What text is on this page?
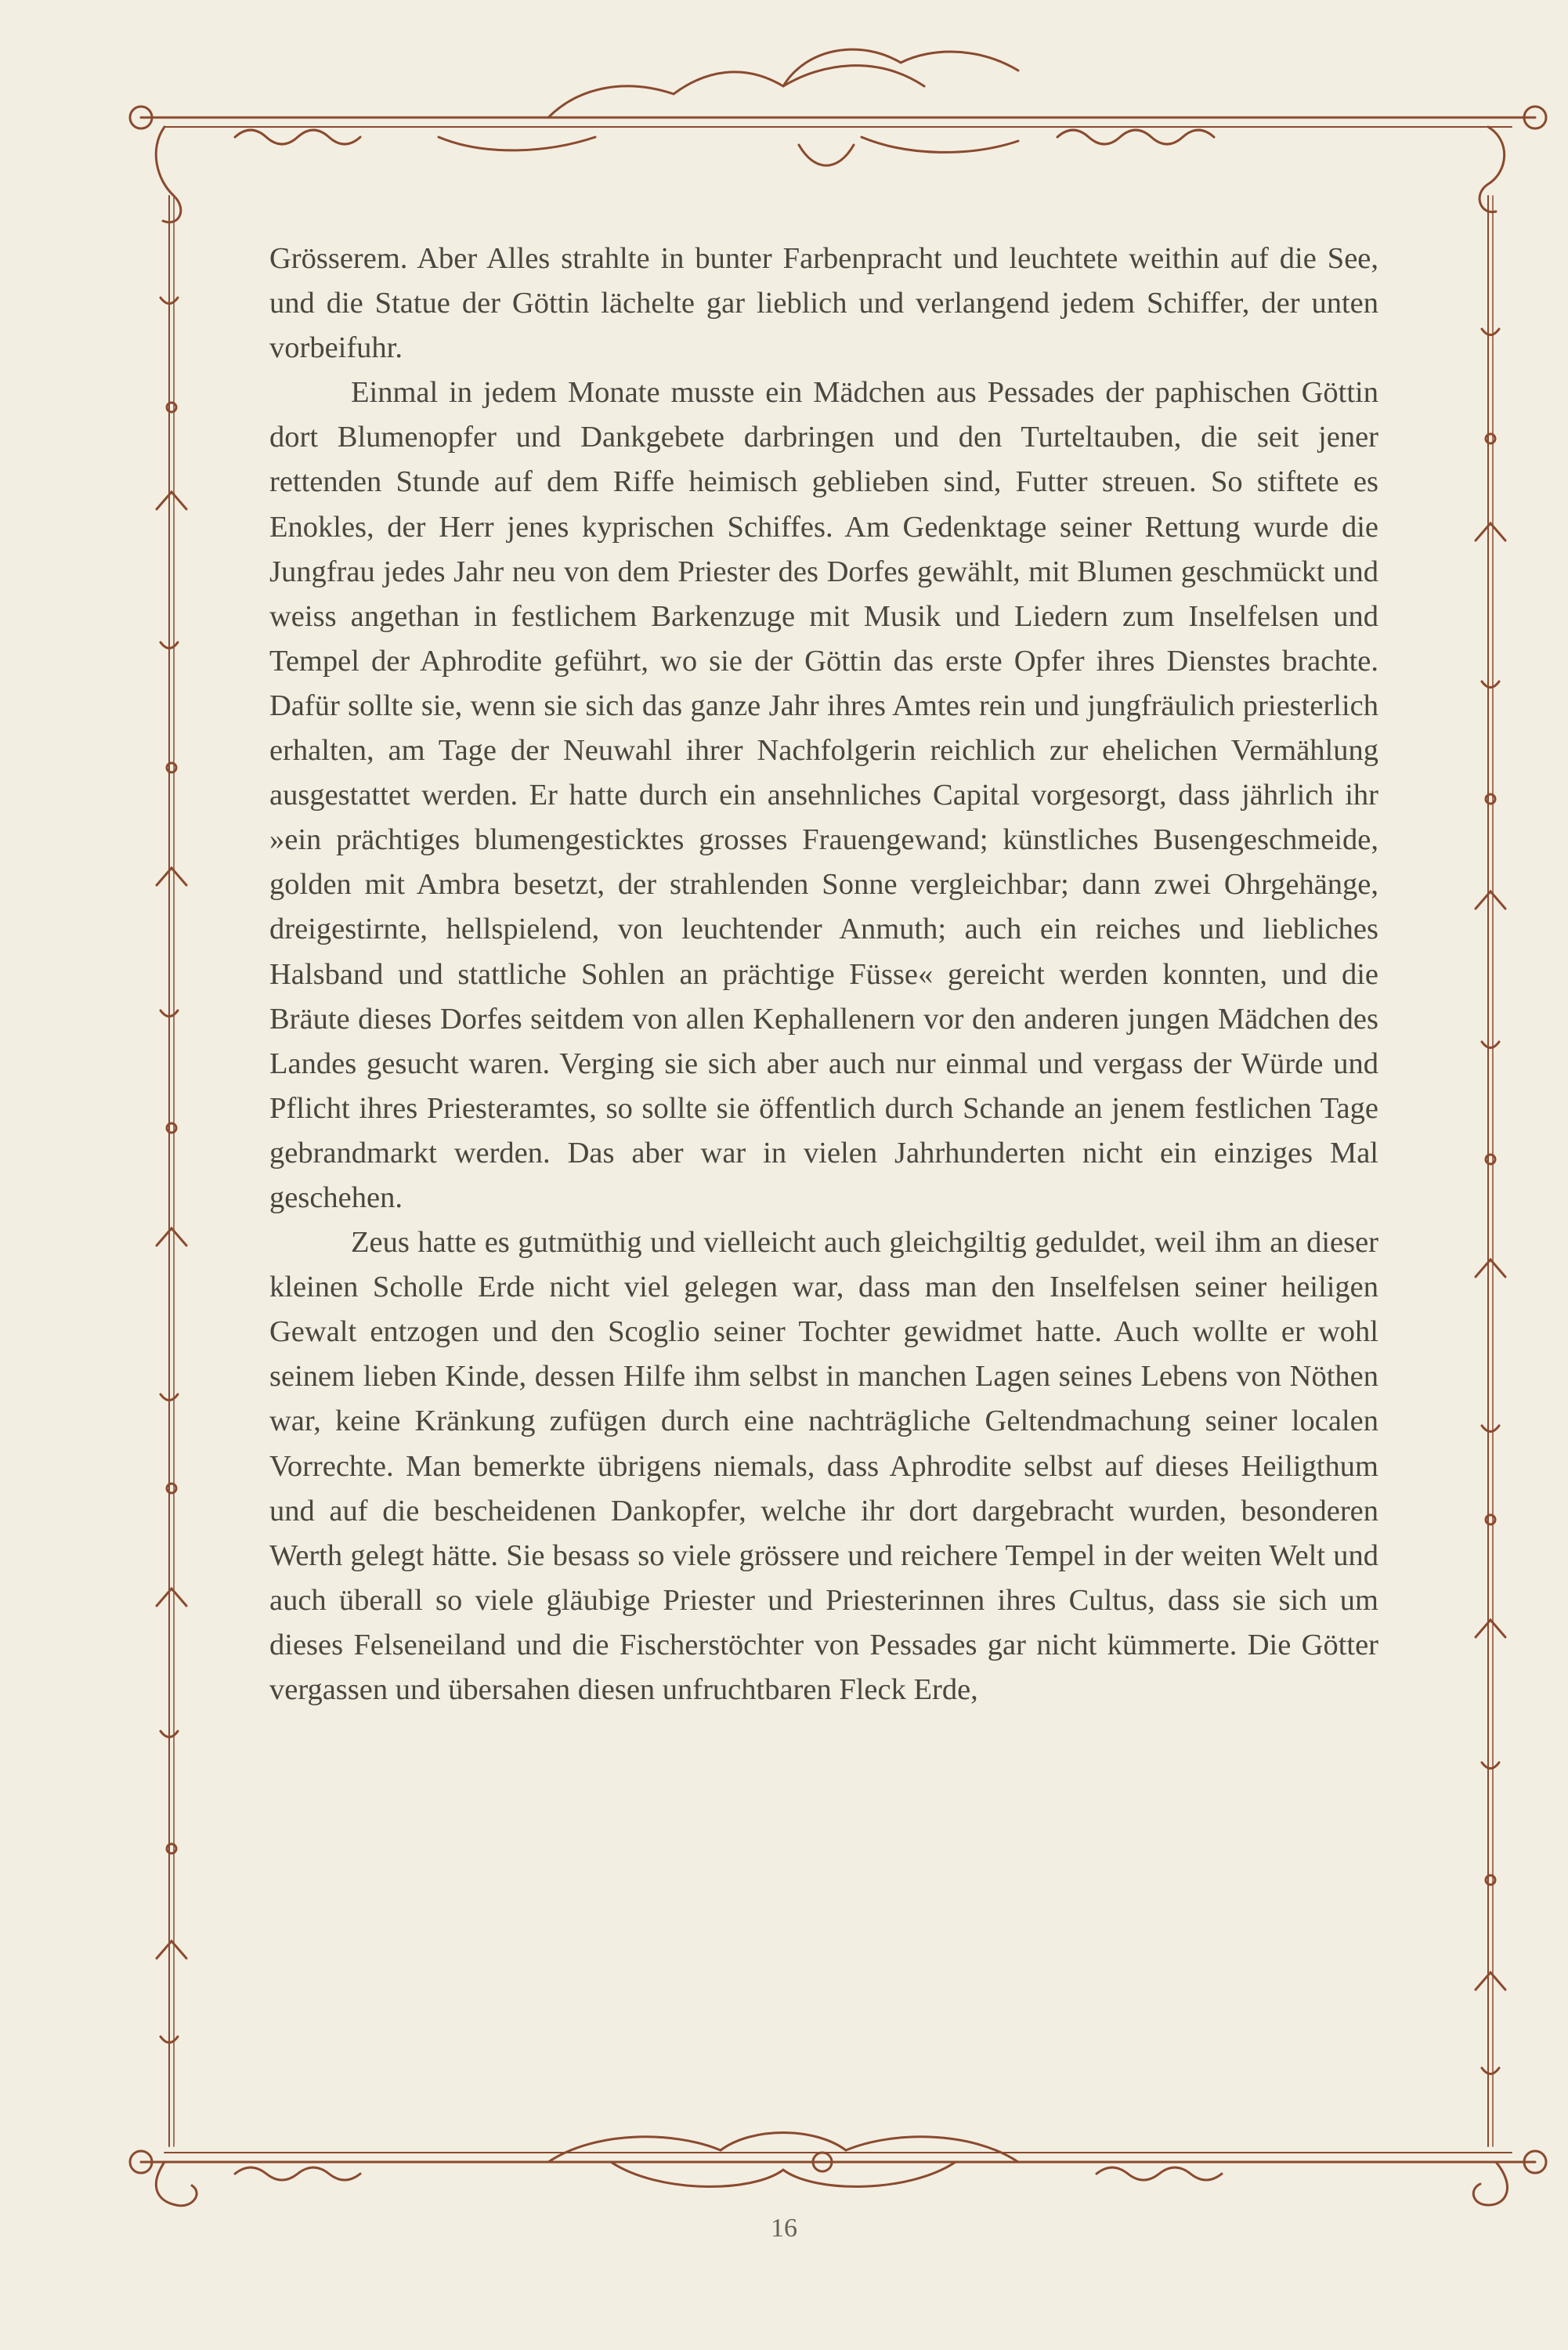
Grösserem. Aber Alles strahlte in bunter Farbenpracht und leuchtete weithin auf die See, und die Statue der Göttin lächelte gar lieblich und verlangend jedem Schiffer, der unten vorbeifuhr.

Einmal in jedem Monate musste ein Mädchen aus Pessades der paphischen Göttin dort Blumenopfer und Dankgebete darbringen und den Turteltauben, die seit jener rettenden Stunde auf dem Riffe heimisch geblieben sind, Futter streuen. So stiftete es Enokles, der Herr jenes kyprischen Schiffes. Am Gedenktage seiner Rettung wurde die Jungfrau jedes Jahr neu von dem Priester des Dorfes gewählt, mit Blumen geschmückt und weiss angethan in festlichem Barkenzuge mit Musik und Liedern zum Inselfelsen und Tempel der Aphrodite geführt, wo sie der Göttin das erste Opfer ihres Dienstes brachte. Dafür sollte sie, wenn sie sich das ganze Jahr ihres Amtes rein und jungfräulich priesterlich erhalten, am Tage der Neuwahl ihrer Nachfolgerin reichlich zur ehelichen Vermählung ausgestattet werden. Er hatte durch ein ansehnliches Capital vorgesorgt, dass jährlich ihr »ein prächtiges blumengesticktes grosses Frauengewand; künstliches Busengeschmeide, golden mit Ambra besetzt, der strahlenden Sonne vergleichbar; dann zwei Ohrgehänge, dreigestirnte, hellspielend, von leuchtender Anmuth; auch ein reiches und liebliches Halsband und stattliche Sohlen an prächtige Füsse« gereicht werden konnten, und die Bräute dieses Dorfes seitdem von allen Kephallenern vor den anderen jungen Mädchen des Landes gesucht waren. Verging sie sich aber auch nur einmal und vergass der Würde und Pflicht ihres Priesteramtes, so sollte sie öffentlich durch Schande an jenem festlichen Tage gebrandmarkt werden. Das aber war in vielen Jahrhunderten nicht ein einziges Mal geschehen.

Zeus hatte es gutmüthig und vielleicht auch gleichgiltig geduldet, weil ihm an dieser kleinen Scholle Erde nicht viel gelegen war, dass man den Inselfelsen seiner heiligen Gewalt entzogen und den Scoglio seiner Tochter gewidmet hatte. Auch wollte er wohl seinem lieben Kinde, dessen Hilfe ihm selbst in manchen Lagen seines Lebens von Nöthen war, keine Kränkung zufügen durch eine nachträgliche Geltendmachung seiner localen Vorrechte. Man bemerkte übrigens niemals, dass Aphrodite selbst auf dieses Heiligthum und auf die bescheidenen Dankopfer, welche ihr dort dargebracht wurden, besonderen Werth gelegt hätte. Sie besass so viele grössere und reichere Tempel in der weiten Welt und auch überall so viele gläubige Priester und Priesterinnen ihres Cultus, dass sie sich um dieses Felseneiland und die Fischerstöchter von Pessades gar nicht kümmerte. Die Götter vergassen und übersahen diesen unfruchtbaren Fleck Erde,

16
